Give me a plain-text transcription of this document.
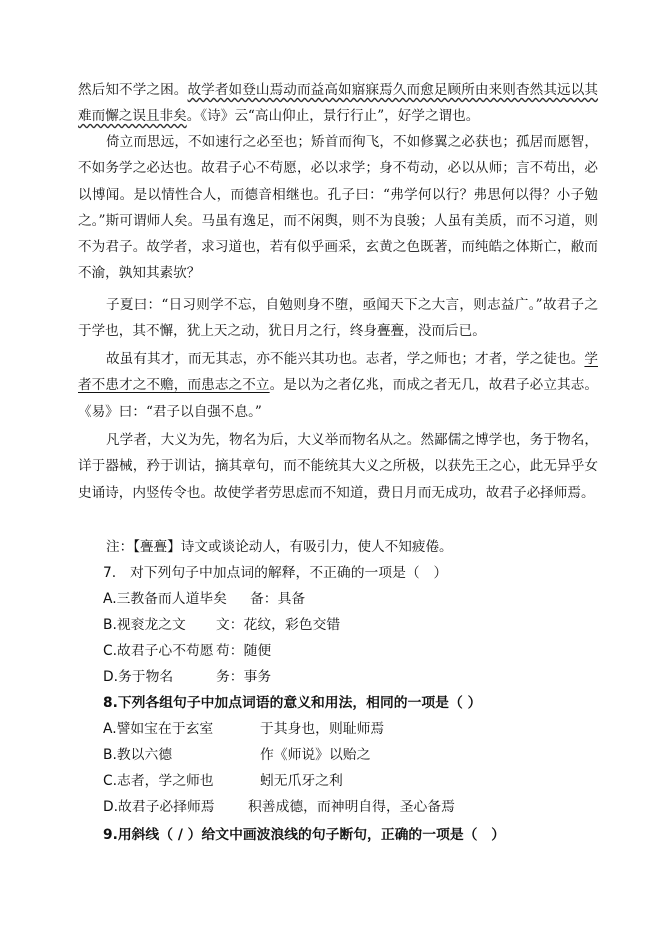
然后知不学之困。故学者如登山焉动而益高如寤寐焉久而愈足顾所由来则杳然其远以其难而懈之误且非矣。《诗》云“高山仰止，景行行止”，好学之谓也。

倚立而思远，不如速行之必至也；矫首而徇飞，不如修翼之必获也；孤居而愿智，不如务学之必达也。故君子心不苟愿，必以求学；身不苟动，必以从师；言不苟出，必以博闻。是以情性合人，而德音相继也。孔子曰：“弗学何以行？弗思何以得？小子勉之。”斯可谓师人矣。马虽有逸足，而不闲舆，则不为良骏；人虽有美质，而不习道，则不为君子。故学者，求习道也，若有似乎画采，玄黄之色既著，而纯皓之体斯亡，敝而不渝，孰知其素欤？

子夏曰：“日习则学不忘，自勉则身不堕，亟闻天下之大言，则志益广。”故君子之于学也，其不懈，犹上天之动，犹日月之行，终身亹亹，没而后已。

故虽有其才，而无其志，亦不能兴其功也。志者，学之师也；才者，学之徒也。学者不患才之不赡，而患志之不立。是以为之者亿兆，而成之者无几，故君子必立其志。《易》曰：“君子以自强不息。”

凡学者，大义为先，物名为后，大义举而物名从之。然鄙儒之博学也，务于物名，详于器械，矜于训诂，摘其章句，而不能统其大义之所极，以获先王之心，此无异乎女史诵诗，内竖传令也。故使学者劳思虑而不知道，费日月而无成功，故君子必择师焉。

注：【亹亹】诗文或谈论动人，有吸引力，使人不知疲倦。

7.　对下列句子中加点词的解释，不正确的一项是（　）

A.三教备而人道毕矣 备：具备
B.视衮龙之文 文：花纹，彩色交错
C.故君子心不苟愿 苟：随便
D.务于物名	务：事务

8.下列各组句子中加点词语的意义和用法，相同的一项是（ ）

A.譬如宝在于玄室	于其身也，则耻师焉
B.教以六德	作《师说》以贻之
C.志者，学之师也	蚓无爪牙之利
D.故君子必择师焉 积善成德，而神明自得，圣心备焉

9.用斜线（ / ）给文中画波浪线的句子断句，正确的一项是（　）
